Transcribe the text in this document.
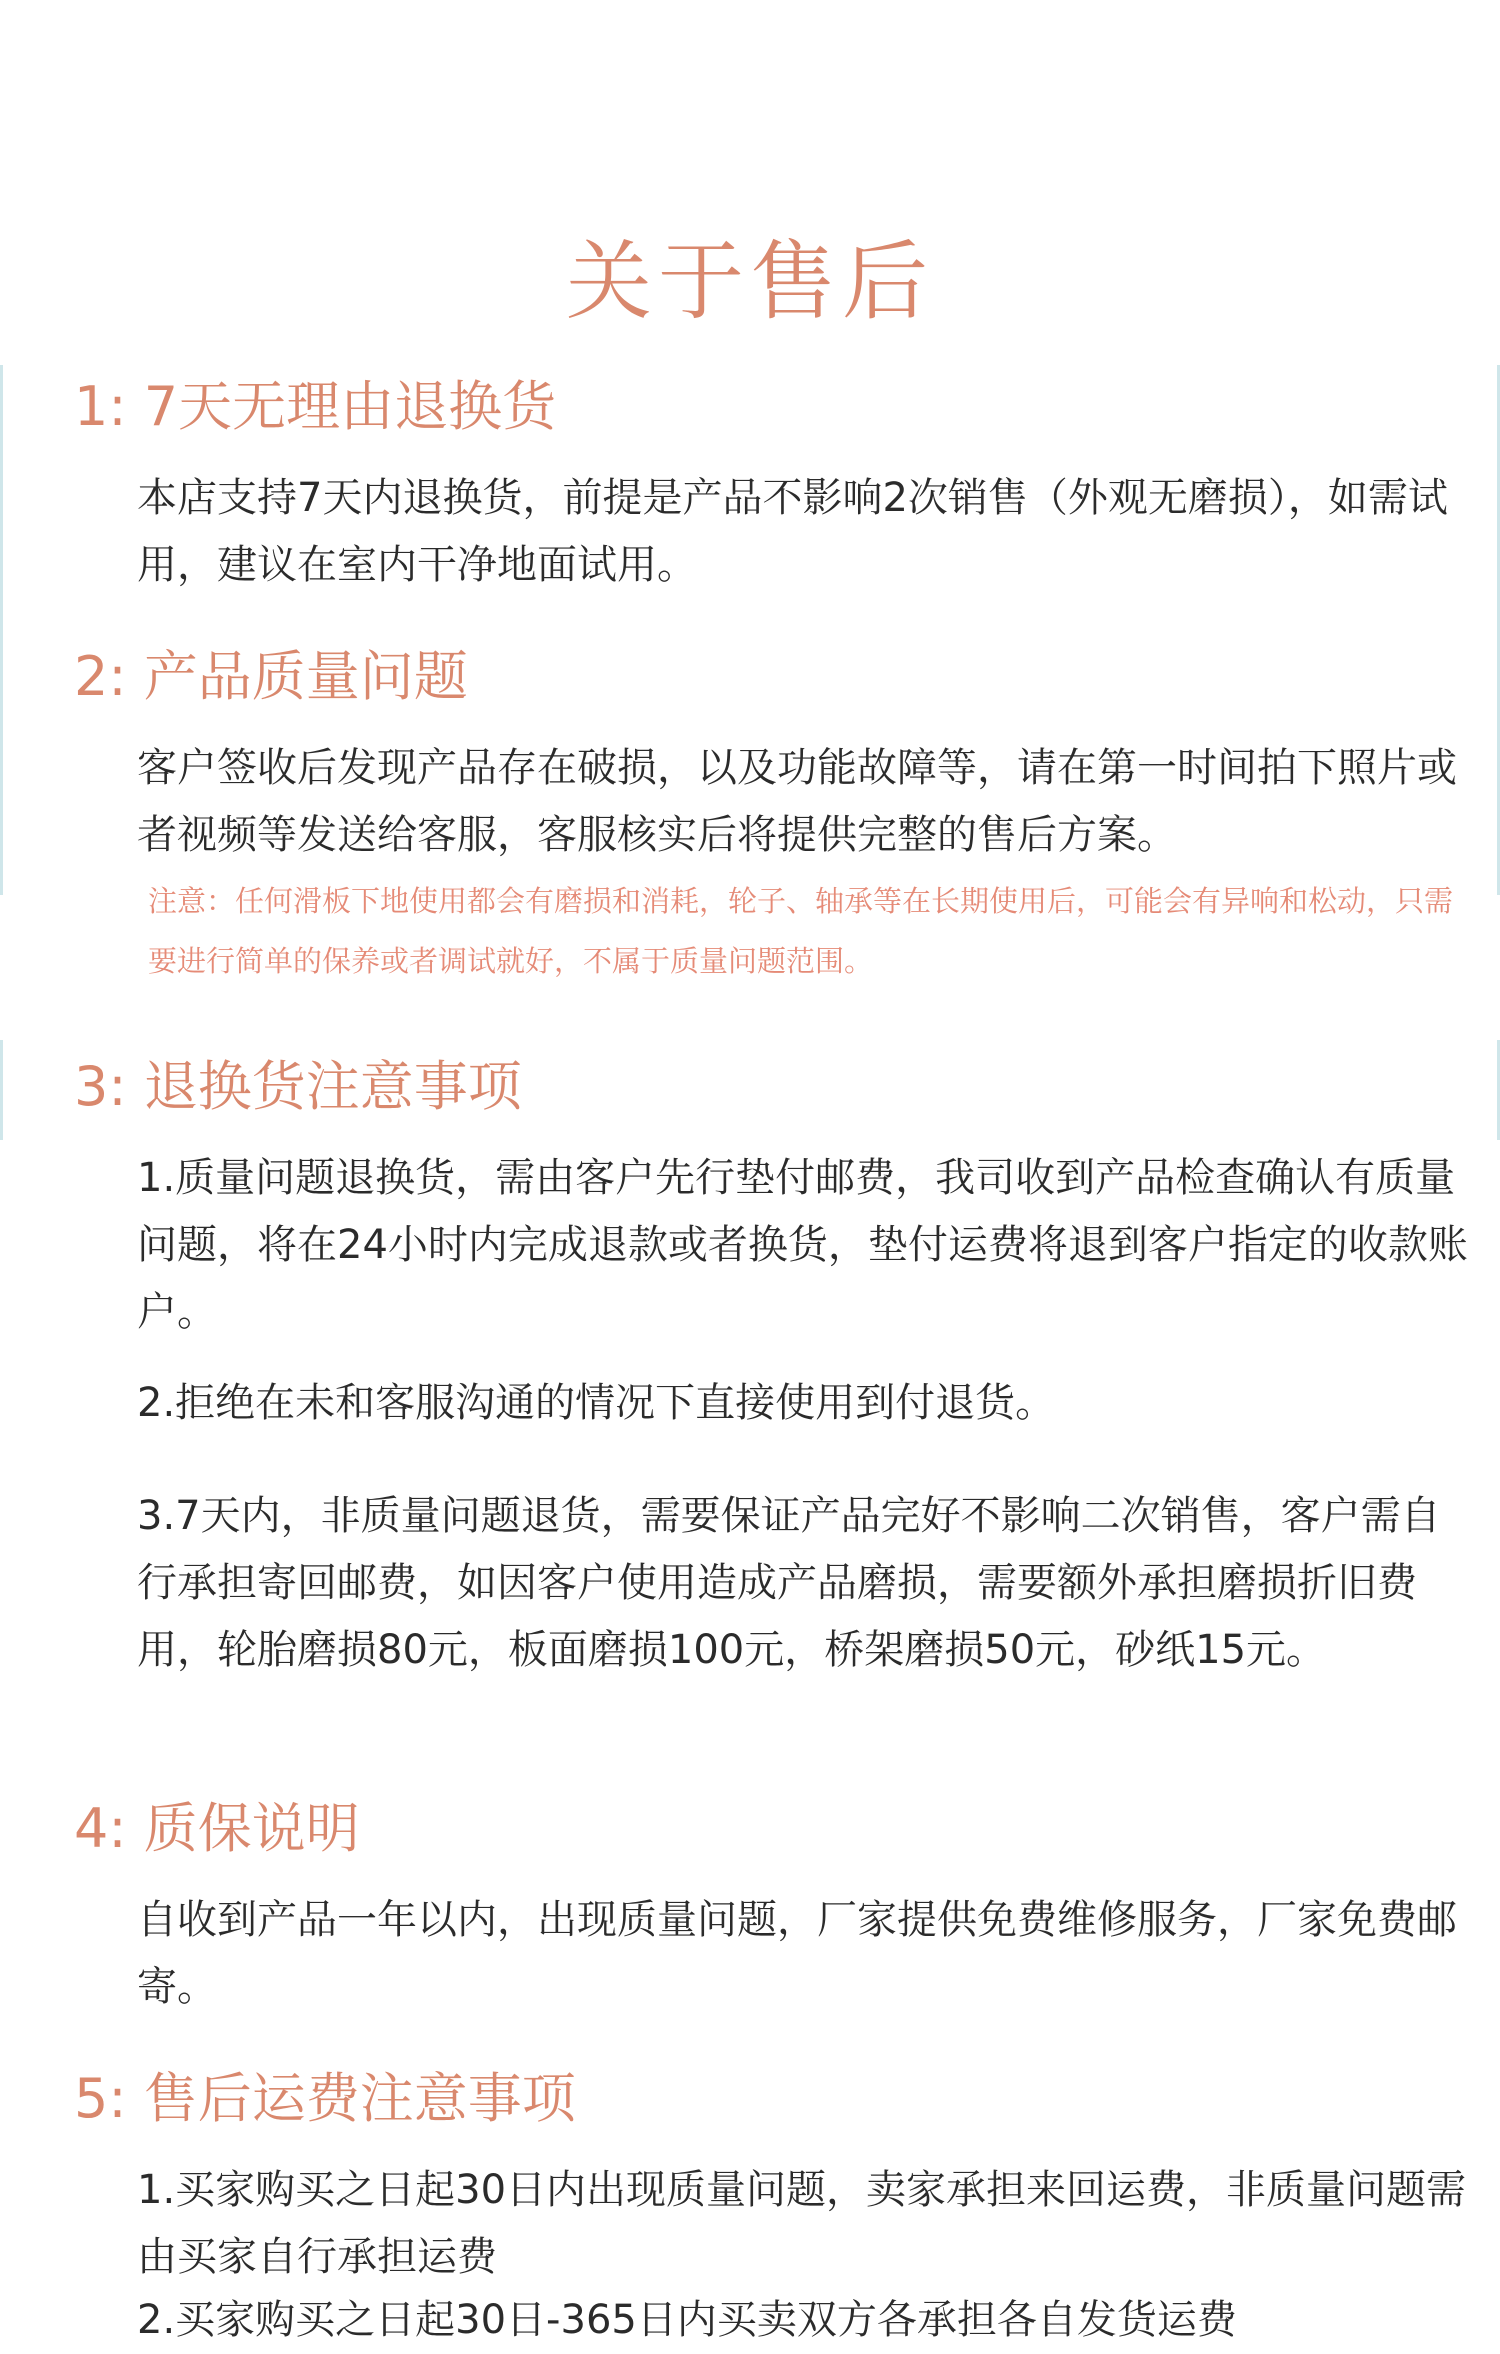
关于售后
1: 7天无理由退换货

本店支持7天内退换货，前提是产品不影响2次销售（外观无磨损），如需试用，建议在室内干净地面试用。

2: 产品质量问题

客户签收后发现产品存在破损，以及功能故障等，请在第一时间拍下照片或者视频等发送给客服，客服核实后将提供完整的售后方案。

注意：任何滑板下地使用都会有磨损和消耗，轮子、轴承等在长期使用后，可能会有异响和松动，只需要进行简单的保养或者调试就好，不属于质量问题范围。

3: 退换货注意事项

1.质量问题退换货，需由客户先行垫付邮费，我司收到产品检查确认有质量问题，将在24小时内完成退款或者换货，垫付运费将退到客户指定的收款账户。

2.拒绝在未和客服沟通的情况下直接使用到付退货。

3.7天内，非质量问题退货，需要保证产品完好不影响二次销售，客户需自行承担寄回邮费，如因客户使用造成产品磨损，需要额外承担磨损折旧费用，轮胎磨损80元，板面磨损100元，桥架磨损50元，砂纸15元。

4: 质保说明

自收到产品一年以内，出现质量问题，厂家提供免费维修服务，厂家免费邮寄。

5: 售后运费注意事项

1.买家购买之日起30日内出现质量问题，卖家承担来回运费，非质量问题需由买家自行承担运费

2.买家购买之日起30日-365日内买卖双方各承担各自发货运费
